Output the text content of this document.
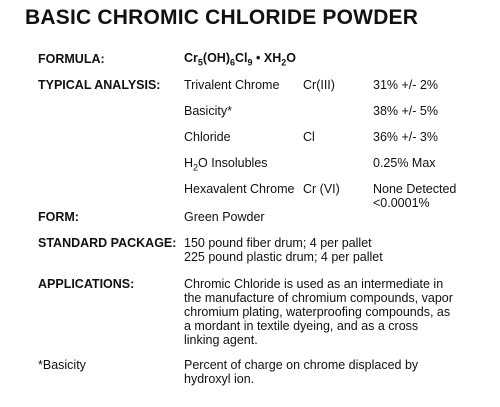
BASIC CHROMIC CHLORIDE POWDER
FORMULA:	$Cr_5(OH)_6Cl_9$ • $XH_2O$
TYPICAL ANALYSIS: Trivalent Chrome Cr(III)	31% +/- 2%
Basicity*	38% +/- 5%
Chloride	Cl	36% +/- 3%
$H_2O$ Insolubles	0.25% Max
Hexavalent Chrome Cr (VI)	None Detected
<0.0001%
FORM:	Green Powder
STANDARD PACKAGE: 150 pound fiber drum; 4 per pallet
225 pound plastic drum; 4 per pallet
APPLICATIONS:	Chromic Chloride is used as an intermediate in
the manufacture of chromium compounds, vapor
chromium plating, waterproofing compounds, as
a mordant in textile dyeing, and as a cross
linking agent.
*Basicity	Percent of charge on chrome displaced by
hydroxyl ion.
